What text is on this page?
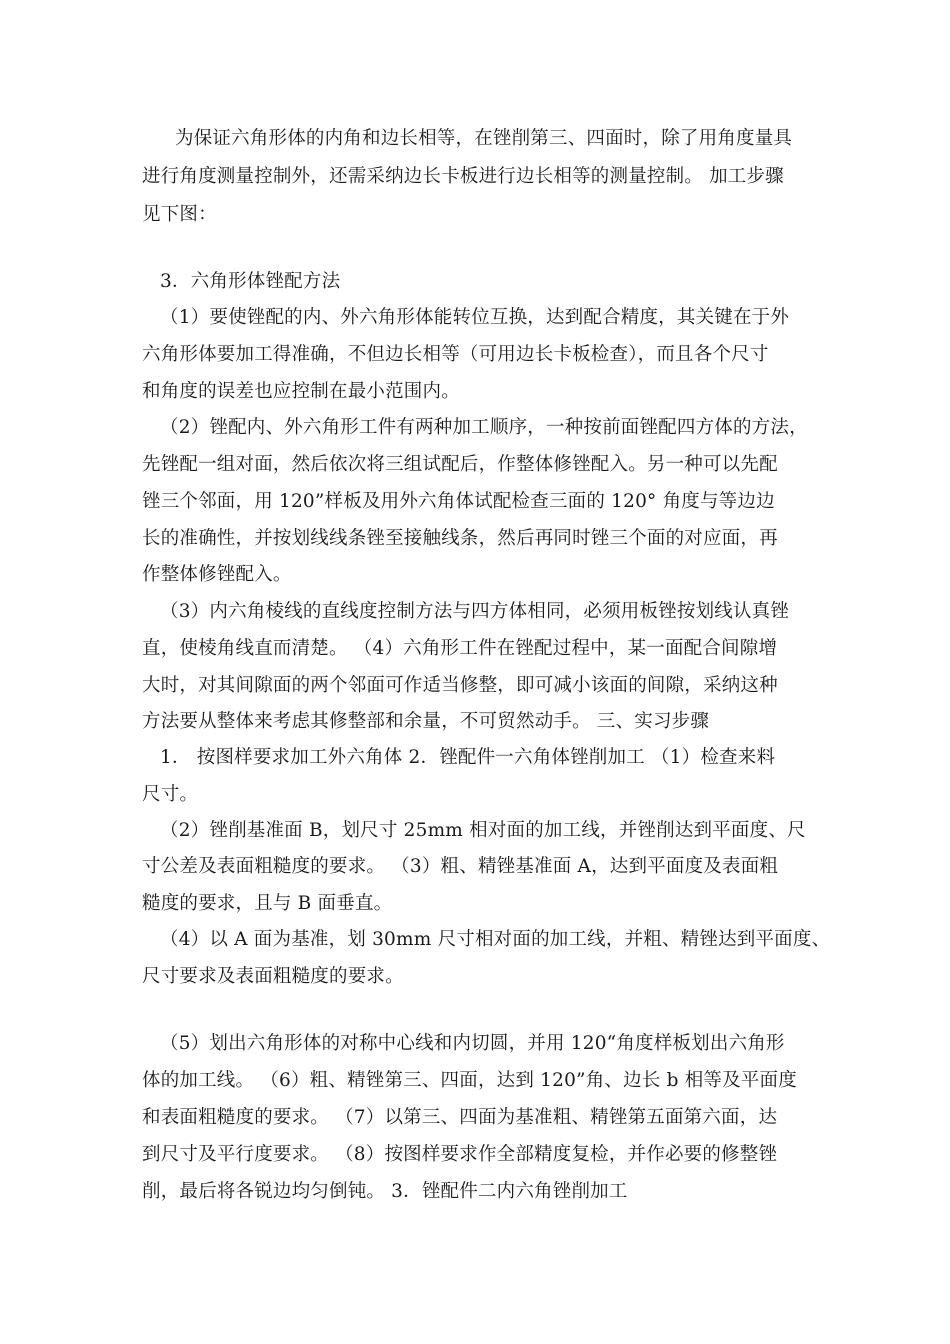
为保证六角形体的内角和边长相等，在锉削第三、四面时，除了用角度量具
进行角度测量控制外，还需采纳边长卡板进行边长相等的测量控制。 加工步骤
见下图：
3．六角形体锉配方法
（1）要使锉配的内、外六角形体能转位互换，达到配合精度，其关键在于外
六角形体要加工得准确，不但边长相等（可用边长卡板检查），而且各个尺寸
和角度的误差也应控制在最小范围内。
（2）锉配内、外六角形工件有两种加工顺序，一种按前面锉配四方体的方法，
先锉配一组对面，然后依次将三组试配后，作整体修锉配入。另一种可以先配
锉三个邻面，用 120”样板及用外六角体试配检查三面的 120° 角度与等边边
长的准确性，并按划线线条锉至接触线条，然后再同时锉三个面的对应面，再
作整体修锉配入。
（3）内六角棱线的直线度控制方法与四方体相同，必须用板锉按划线认真锉
直，使棱角线直而清楚。 （4）六角形工件在锉配过程中，某一面配合间隙增
大时，对其间隙面的两个邻面可作适当修整，即可减小该面的间隙，采纳这种
方法要从整体来考虑其修整部和余量，不可贸然动手。 三、实习步骤
1． 按图样要求加工外六角体 2．锉配件一六角体锉削加工 （1）检查来料
尺寸。
（2）锉削基准面 B，划尺寸 25mm 相对面的加工线，并锉削达到平面度、尺
寸公差及表面粗糙度的要求。 （3）粗、精锉基准面 A，达到平面度及表面粗
糙度的要求，且与 B 面垂直。
（4）以 A 面为基准，划 30mm 尺寸相对面的加工线，并粗、精锉达到平面度、
尺寸要求及表面粗糙度的要求。
（5）划出六角形体的对称中心线和内切圆，并用 120“角度样板划出六角形
体的加工线。 （6）粗、精锉第三、四面，达到 120”角、边长 b 相等及平面度
和表面粗糙度的要求。 （7）以第三、四面为基准粗、精锉第五面第六面，达
到尺寸及平行度要求。 （8）按图样要求作全部精度复检，并作必要的修整锉
削，最后将各锐边均匀倒钝。 3．锉配件二内六角锉削加工
